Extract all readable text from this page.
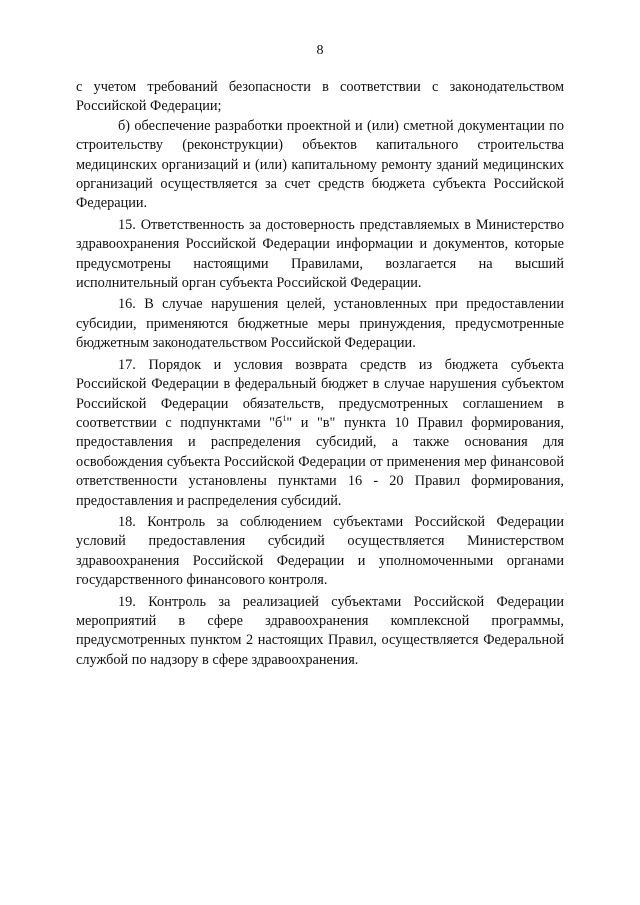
8

с учетом требований безопасности в соответствии с законодательством Российской Федерации;

б) обеспечение разработки проектной и (или) сметной документации по строительству (реконструкции) объектов капитального строительства медицинских организаций и (или) капитальному ремонту зданий медицинских организаций осуществляется за счет средств бюджета субъекта Российской Федерации.

15. Ответственность за достоверность представляемых в Министерство здравоохранения Российской Федерации информации и документов, которые предусмотрены настоящими Правилами, возлагается на высший исполнительный орган субъекта Российской Федерации.

16. В случае нарушения целей, установленных при предоставлении субсидии, применяются бюджетные меры принуждения, предусмотренные бюджетным законодательством Российской Федерации.

17. Порядок и условия возврата средств из бюджета субъекта Российской Федерации в федеральный бюджет в случае нарушения субъектом Российской Федерации обязательств, предусмотренных соглашением в соответствии с подпунктами "$б^1$" и "в" пункта 10 Правил формирования, предоставления и распределения субсидий, а также основания для освобождения субъекта Российской Федерации от применения мер финансовой ответственности установлены пунктами 16 - 20 Правил формирования, предоставления и распределения субсидий.

18. Контроль за соблюдением субъектами Российской Федерации условий предоставления субсидий осуществляется Министерством здравоохранения Российской Федерации и уполномоченными органами государственного финансового контроля.

19. Контроль за реализацией субъектами Российской Федерации мероприятий в сфере здравоохранения комплексной программы, предусмотренных пунктом 2 настоящих Правил, осуществляется Федеральной службой по надзору в сфере здравоохранения.
